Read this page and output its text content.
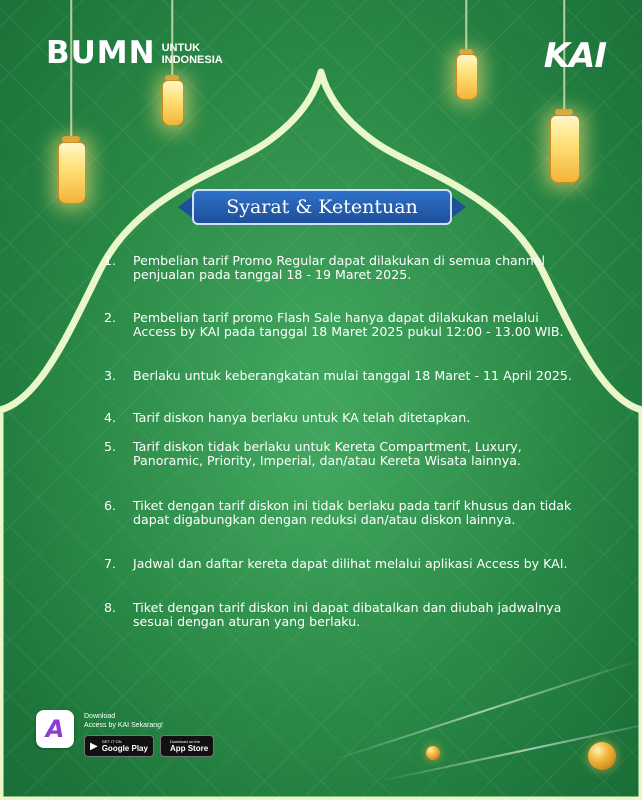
BUMN UNTUK
INDONESIA	KAI
Syarat & Ketentuan
1.	Pembelian tarif Promo Regular dapat dilakukan di semua channel penjualan pada tanggal 18 - 19 Maret 2025.
2.	Pembelian tarif promo Flash Sale hanya dapat dilakukan melalui Access by KAI pada tanggal 18 Maret 2025 pukul 12:00 - 13.00 WIB.
3.	Berlaku untuk keberangkatan mulai tanggal 18 Maret - 11 April 2025.
4.	Tarif diskon hanya berlaku untuk KA telah ditetapkan.
5.	Tarif diskon tidak berlaku untuk Kereta Compartment, Luxury, Panoramic, Priority, Imperial, dan/atau Kereta Wisata lainnya.
6.	Tiket dengan tarif diskon ini tidak berlaku pada tarif khusus dan tidak dapat digabungkan dengan reduksi dan/atau diskon lainnya.
7.	Jadwal dan daftar kereta dapat dilihat melalui aplikasi Access by KAI.
8.	Tiket dengan tarif diskon ini dapat dibatalkan dan diubah jadwalnya sesuai dengan aturan yang berlaku.
A	Download
Access by KAI Sekarang!
▶ GET IT ON
Google Play
Download on the
App Store
